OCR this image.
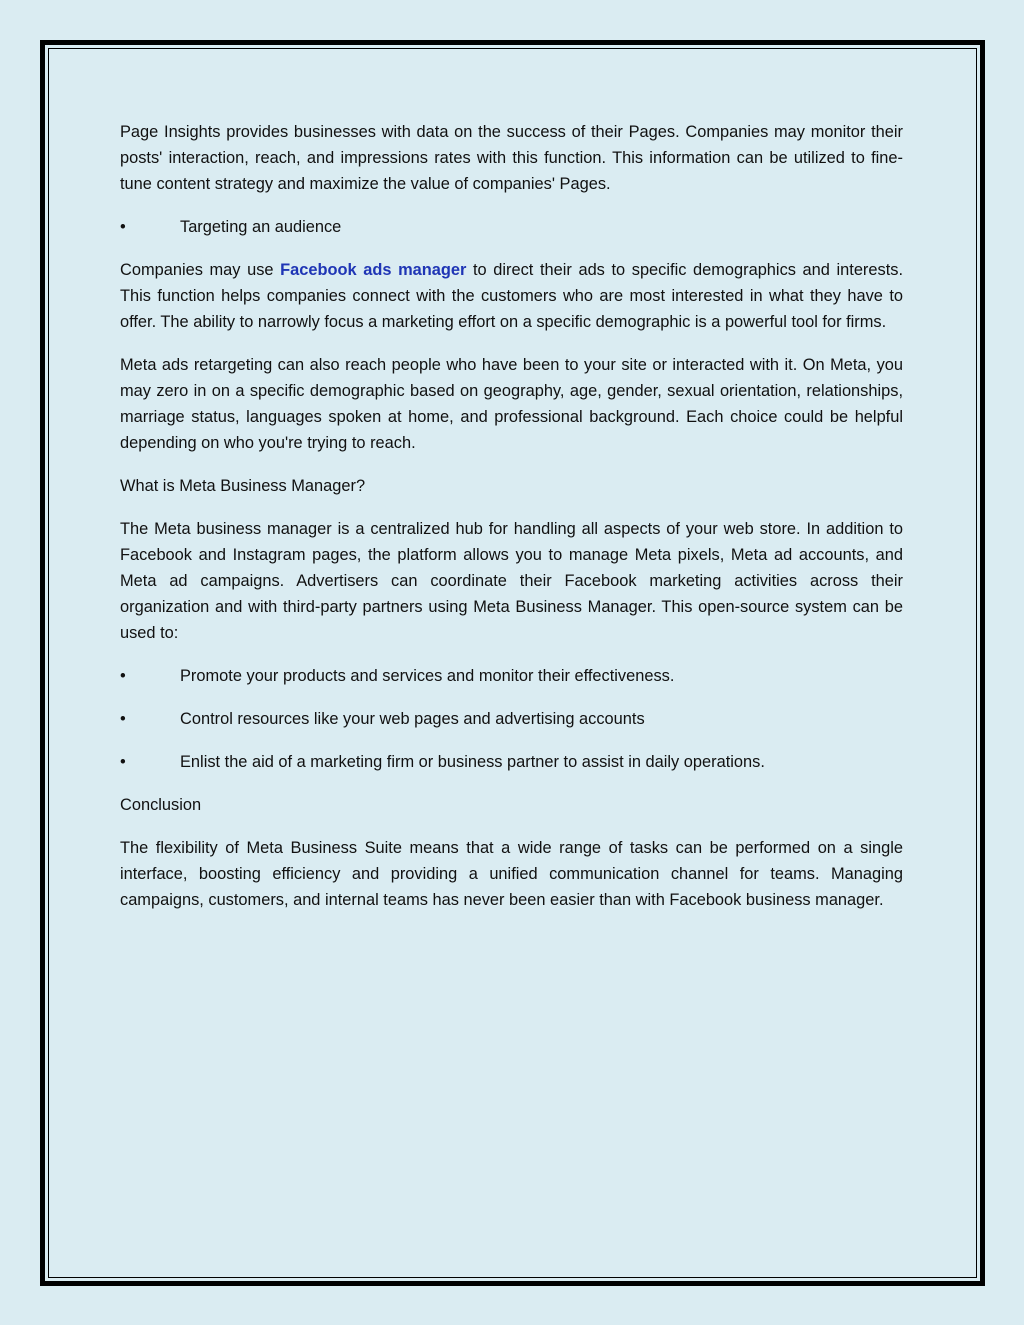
Page Insights provides businesses with data on the success of their Pages. Companies may monitor their posts' interaction, reach, and impressions rates with this function. This information can be utilized to fine-tune content strategy and maximize the value of companies' Pages.

•	Targeting an audience

Companies may use Facebook ads manager to direct their ads to specific demographics and interests. This function helps companies connect with the customers who are most interested in what they have to offer. The ability to narrowly focus a marketing effort on a specific demographic is a powerful tool for firms.

Meta ads retargeting can also reach people who have been to your site or interacted with it. On Meta, you may zero in on a specific demographic based on geography, age, gender, sexual orientation, relationships, marriage status, languages spoken at home, and professional background. Each choice could be helpful depending on who you're trying to reach.

What is Meta Business Manager?

The Meta business manager is a centralized hub for handling all aspects of your web store. In addition to Facebook and Instagram pages, the platform allows you to manage Meta pixels, Meta ad accounts, and Meta ad campaigns. Advertisers can coordinate their Facebook marketing activities across their organization and with third-party partners using Meta Business Manager. This open-source system can be used to:

•	Promote your products and services and monitor their effectiveness.
•	Control resources like your web pages and advertising accounts
•	Enlist the aid of a marketing firm or business partner to assist in daily operations.

Conclusion

The flexibility of Meta Business Suite means that a wide range of tasks can be performed on a single interface, boosting efficiency and providing a unified communication channel for teams. Managing campaigns, customers, and internal teams has never been easier than with Facebook business manager.
